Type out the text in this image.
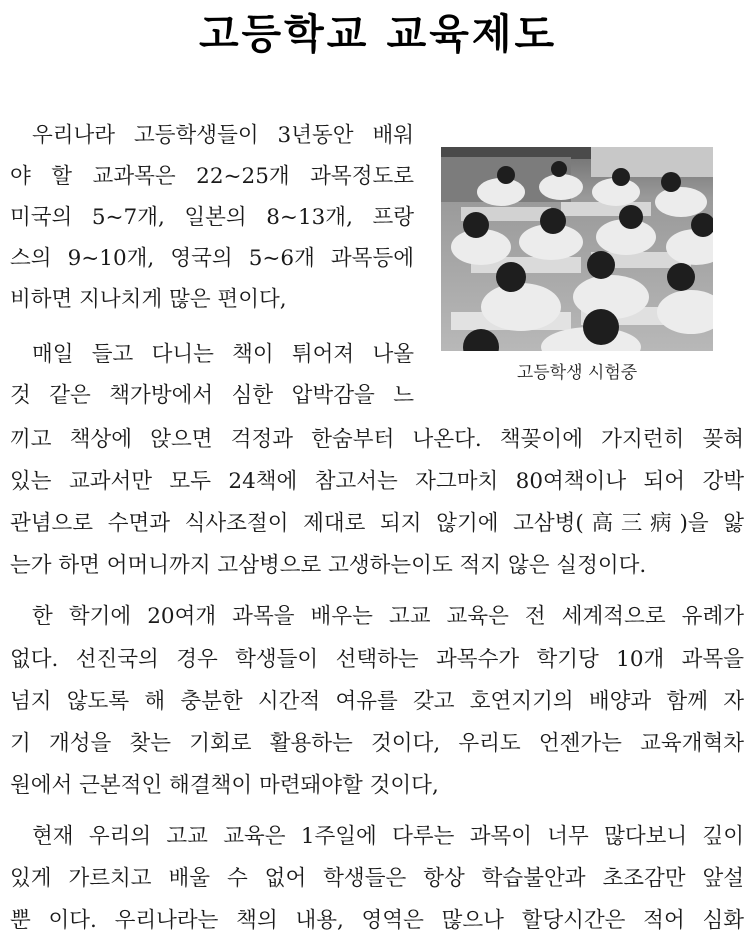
고등학교 교육제도
고등학생 시험중
우리나라 고등학생들이 3년동안 배워
야 할 교과목은 22~25개 과목정도로
미국의 5~7개, 일본의 8~13개, 프랑
스의 9~10개, 영국의 5~6개 과목등에
비하면 지나치게 많은 편이다,
매일 들고 다니는 책이 튀어져 나올
것 같은 책가방에서 심한 압박감을 느
끼고 책상에 앉으면 걱정과 한숨부터 나온다. 책꽂이에 가지런히 꽂혀
있는 교과서만 모두 24책에 참고서는 자그마치 80여책이나 되어 강박
관념으로 수면과 식사조절이 제대로 되지 않기에 고삼병(高三病)을 앓
는가 하면 어머니까지 고삼병으로 고생하는이도 적지 않은 실정이다.
한 학기에 20여개 과목을 배우는 고교 교육은 전 세계적으로 유례가
없다. 선진국의 경우 학생들이 선택하는 과목수가 학기당 10개 과목을
넘지 않도록 해 충분한 시간적 여유를 갖고 호연지기의 배양과 함께 자
기 개성을 찾는 기회로 활용하는 것이다, 우리도 언젠가는 교육개혁차
원에서 근본적인 해결책이 마련돼야할 것이다,
현재 우리의 고교 교육은 1주일에 다루는 과목이 너무 많다보니 깊이
있게 가르치고 배울 수 없어 학생들은 항상 학습불안과 초조감만 앞설
뿐 이다. 우리나라는 책의 내용, 영역은 많으나 할당시간은 적어 심화
